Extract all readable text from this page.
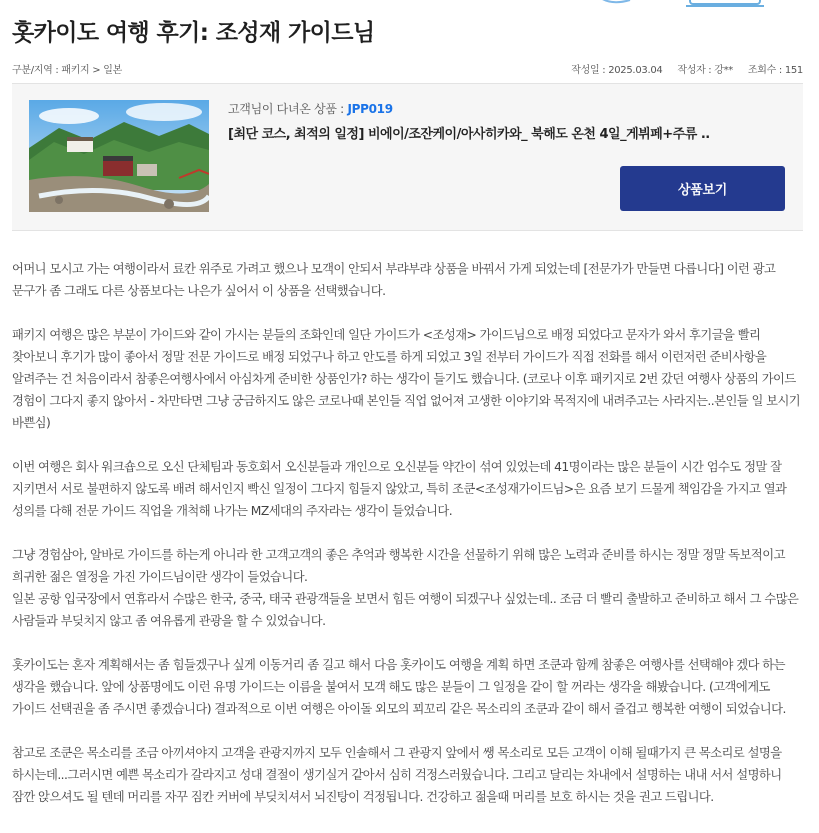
홋카이도 여행 후기: 조성재 가이드님
구분/지역 : 패키지 > 일본	작성일 : 2025.03.04 작성자 : 강** 조회수 : 151
고객님이 다녀온 상품 : JPP019
[최단 코스, 최적의 일정] 비에이/조잔케이/아사히카와_ 북해도 온천 4일_게뷔페+주류 ..
상품보기

어머니 모시고 가는 여행이라서 료칸 위주로 가려고 했으나 모객이 안되서 부랴부랴 상품을 바꿔서 가게 되었는데 [전문가가 만들면 다릅니다] 이런 광고 문구가 좀 그래도 다른 상품보다는 나은가 싶어서 이 상품을 선택했습니다.

패키지 여행은 많은 부분이 가이드와 같이 가시는 분들의 조화인데 일단 가이드가 <조성재> 가이드님으로 배정 되었다고 문자가 와서 후기글을 빨리 찾아보니 후기가 많이 좋아서 정말 전문 가이드로 배정 되었구나 하고 안도를 하게 되었고 3일 전부터 가이드가 직접 전화를 해서 이런저런 준비사항을 알려주는 건 처음이라서 참좋은여행사에서 아심차게 준비한 상품인가? 하는 생각이 들기도 했습니다. (코로나 이후 패키지로 2번 갔던 여행사 상품의 가이드 경험이 그다지 좋지 않아서 - 차만타면 그냥 궁금하지도 않은 코로나때 본인들 직업 없어져 고생한 이야기와 목적지에 내려주고는 사라지는..본인들 일 보시기 바쁜심)

이번 여행은 회사 워크숍으로 오신 단체팀과 동호회서 오신분들과 개인으로 오신분들 약간이 섞여 있었는데 41명이라는 많은 분들이 시간 엄수도 정말 잘 지키면서 서로 불편하지 않도록 배려 해서인지 빡신 일정이 그다지 힘들지 않았고, 특히 조쿤<조성재가이드님>은 요즘 보기 드물게 책임감을 가지고 열과 성의를 다해 전문 가이드 직업을 개척해 나가는 MZ세대의 주자라는 생각이 들었습니다.

그냥 경험삼아, 알바로 가이드를 하는게 아니라 한 고객고객의 좋은 추억과 행복한 시간을 선물하기 위해 많은 노력과 준비를 하시는 정말 정말 독보적이고 희귀한 젊은 열정을 가진 가이드님이란 생각이 들었습니다.

일본 공항 입국장에서 연휴라서 수많은 한국, 중국, 태국 관광객들을 보면서 힘든 여행이 되겠구나 싶었는데.. 조금 더 빨리 출발하고 준비하고 해서 그 수많은 사람들과 부딪치지 않고 좀 여유롭게 관광을 할 수 있었습니다.

홋카이도는 혼자 계획해서는 좀 힘들겠구나 싶게 이동거리 좀 길고 해서 다음 홋카이도 여행을 계획 하면 조쿤과 함께 참좋은 여행사를 선택해야 겠다 하는 생각을 했습니다. 앞에 상품명에도 이런 유명 가이드는 이름을 붙여서 모객 해도 많은 분들이 그 일정을 같이 할 꺼라는 생각을 해봤습니다. (고객에게도 가이드 선택권을 좀 주시면 좋겠습니다) 결과적으로 이번 여행은 아이돌 외모의 꾀꼬리 같은 목소리의 조쿤과 같이 해서 즐겁고 행복한 여행이 되었습니다.

참고로 조쿤은 목소리를 조금 아끼셔야지 고객을 관광지까지 모두 인솔해서 그 관광지 앞에서 쌩 목소리로 모든 고객이 이해 될때가지 큰 목소리로 설명을 하시는데...그러시면 예쁜 목소리가 갈라지고 성대 결절이 생기실거 같아서 심히 걱정스러웠습니다. 그리고 달리는 차내에서 설명하는 내내 서서 설명하니 잠깐 앉으셔도 될 텐데 머리를 자꾸 짐칸 커버에 부딪치셔서 뇌진탕이 걱정됩니다. 건강하고 젊을때 머리를 보호 하시는 것을 권고 드립니다.
